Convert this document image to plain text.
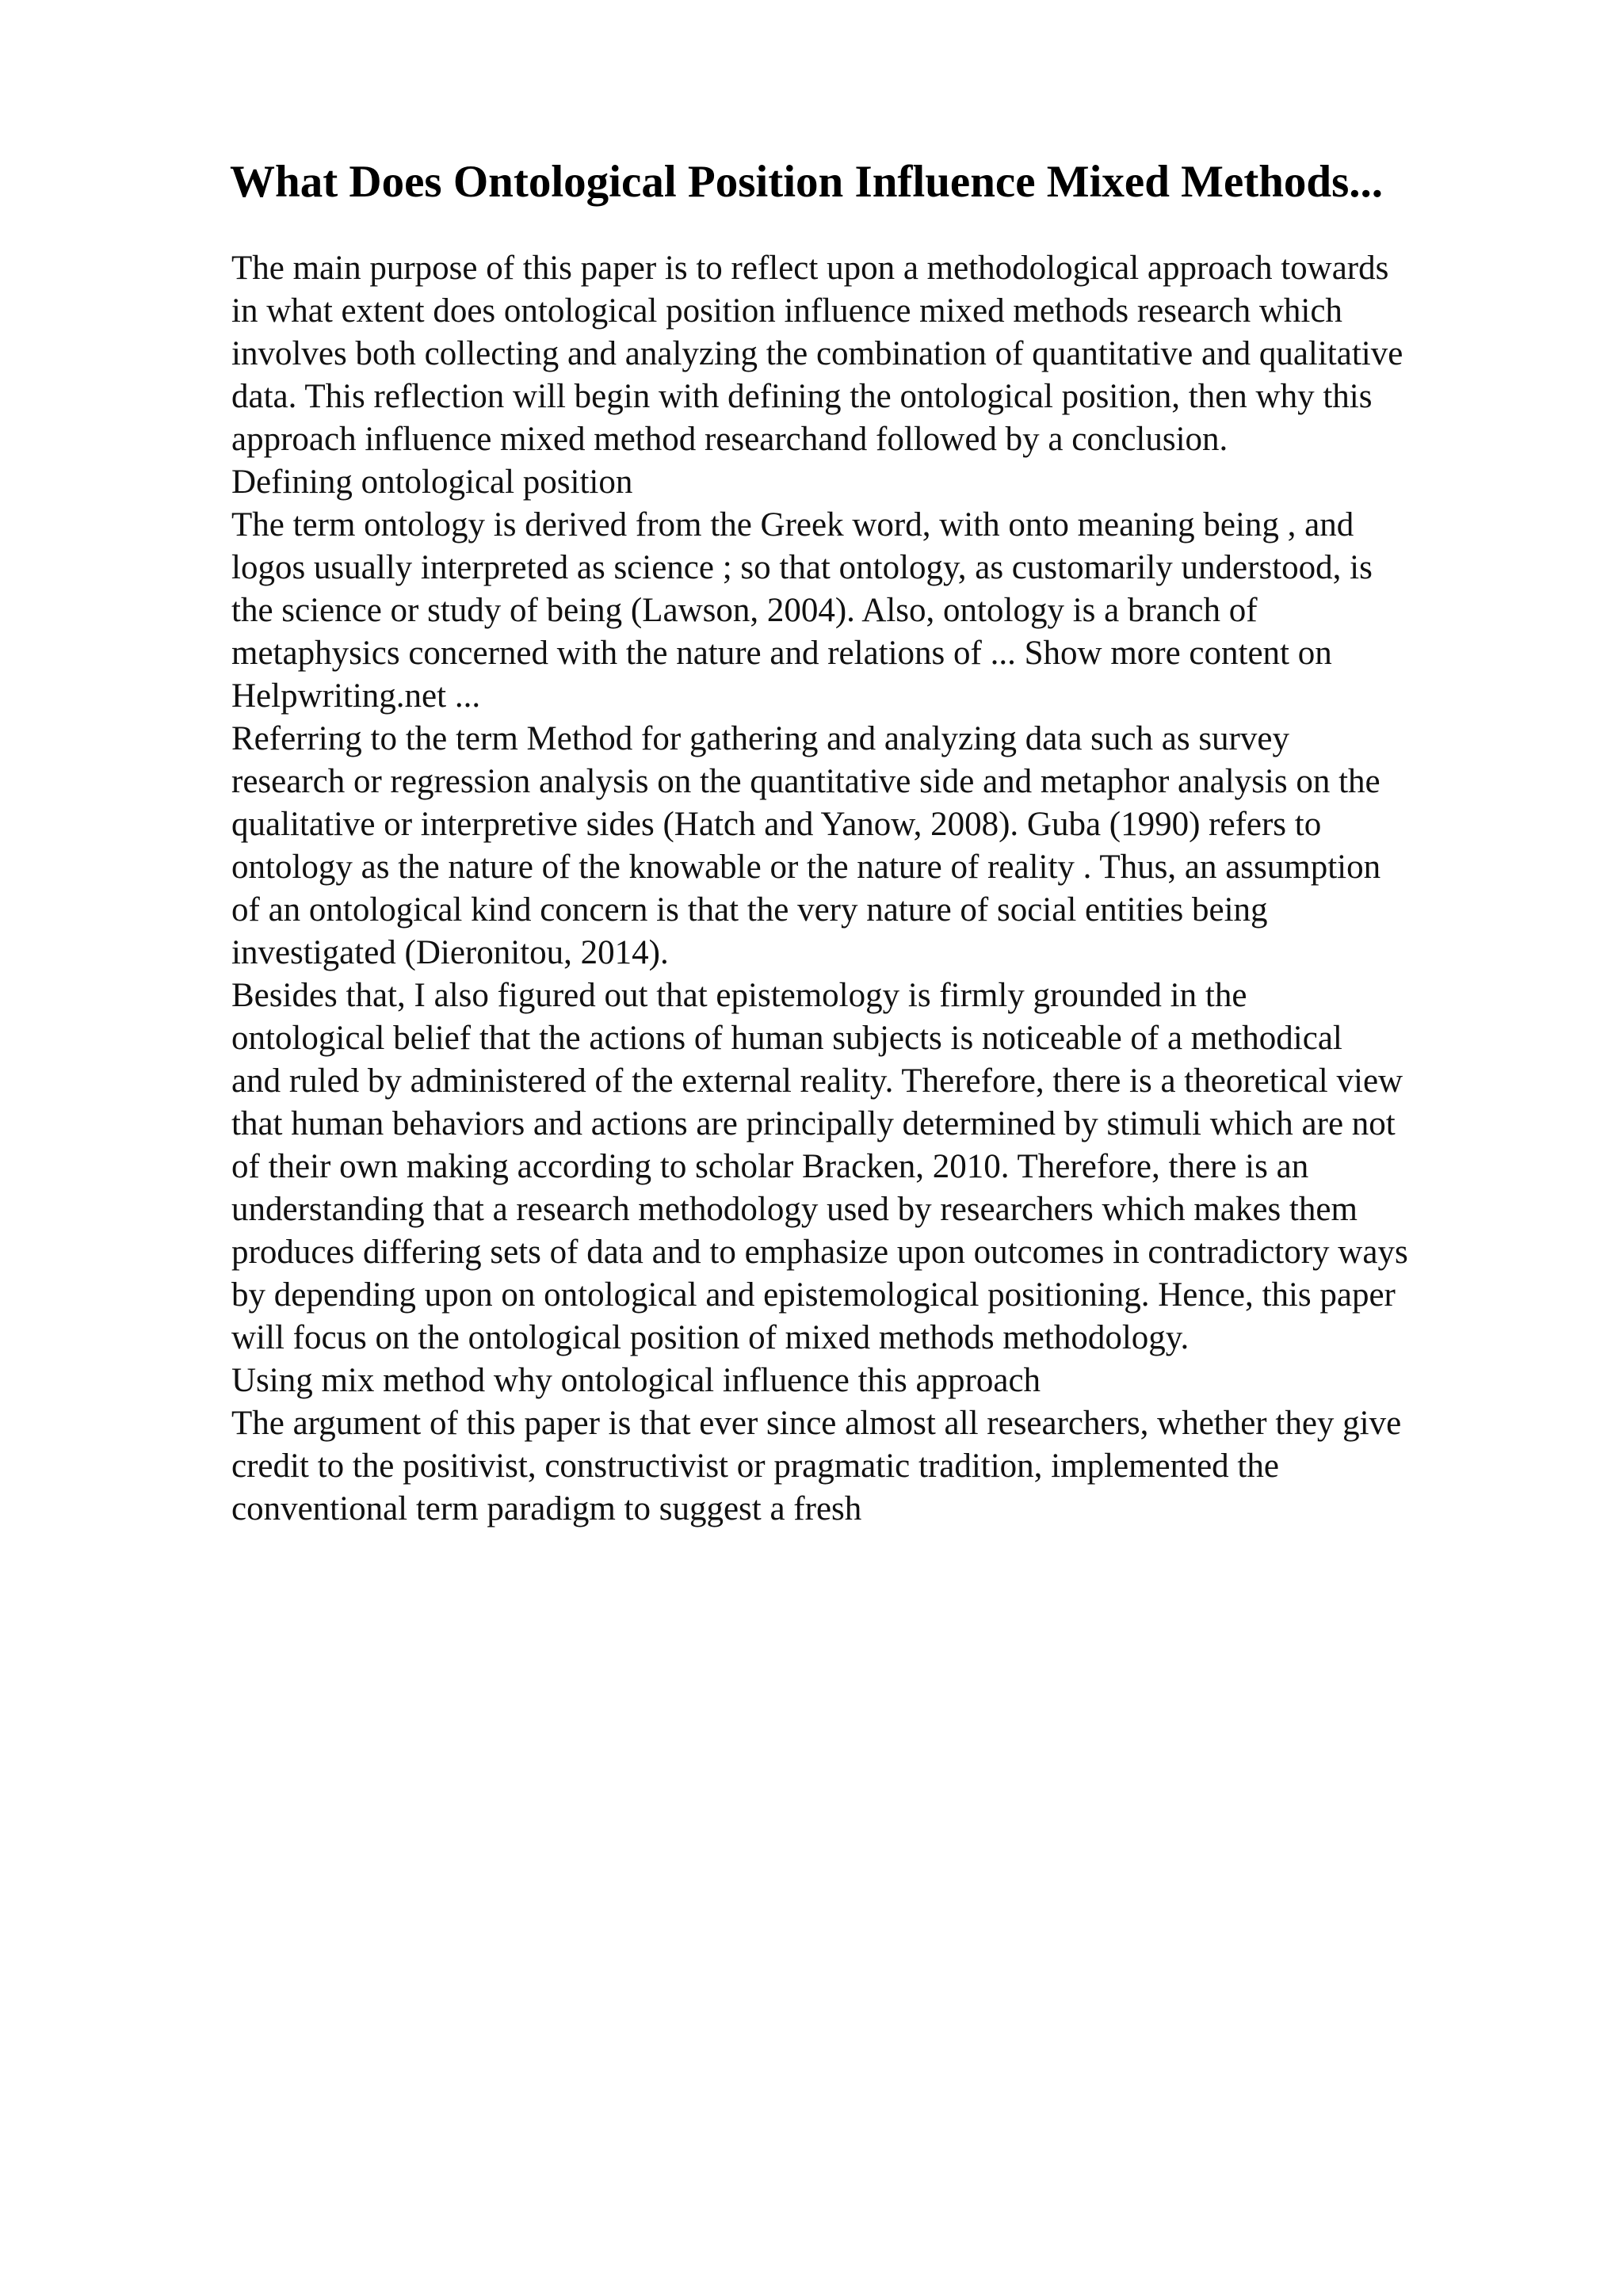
What Does Ontological Position Influence Mixed Methods...
The main purpose of this paper is to reflect upon a methodological approach towards
in what extent does ontological position influence mixed methods research which
involves both collecting and analyzing the combination of quantitative and qualitative
data. This reflection will begin with defining the ontological position, then why this
approach influence mixed method researchand followed by a conclusion.
Defining ontological position
The term ontology is derived from the Greek word, with onto meaning being , and
logos usually interpreted as science ; so that ontology, as customarily understood, is
the science or study of being (Lawson, 2004). Also, ontology is a branch of
metaphysics concerned with the nature and relations of ... Show more content on
Helpwriting.net ...
Referring to the term Method for gathering and analyzing data such as survey
research or regression analysis on the quantitative side and metaphor analysis on the
qualitative or interpretive sides (Hatch and Yanow, 2008). Guba (1990) refers to
ontology as the nature of the knowable or the nature of reality . Thus, an assumption
of an ontological kind concern is that the very nature of social entities being
investigated (Dieronitou, 2014).
Besides that, I also figured out that epistemology is firmly grounded in the
ontological belief that the actions of human subjects is noticeable of a methodical
and ruled by administered of the external reality. Therefore, there is a theoretical view
that human behaviors and actions are principally determined by stimuli which are not
of their own making according to scholar Bracken, 2010. Therefore, there is an
understanding that a research methodology used by researchers which makes them
produces differing sets of data and to emphasize upon outcomes in contradictory ways
by depending upon on ontological and epistemological positioning. Hence, this paper
will focus on the ontological position of mixed methods methodology.
Using mix method why ontological influence this approach
The argument of this paper is that ever since almost all researchers, whether they give
credit to the positivist, constructivist or pragmatic tradition, implemented the
conventional term paradigm to suggest a fresh
